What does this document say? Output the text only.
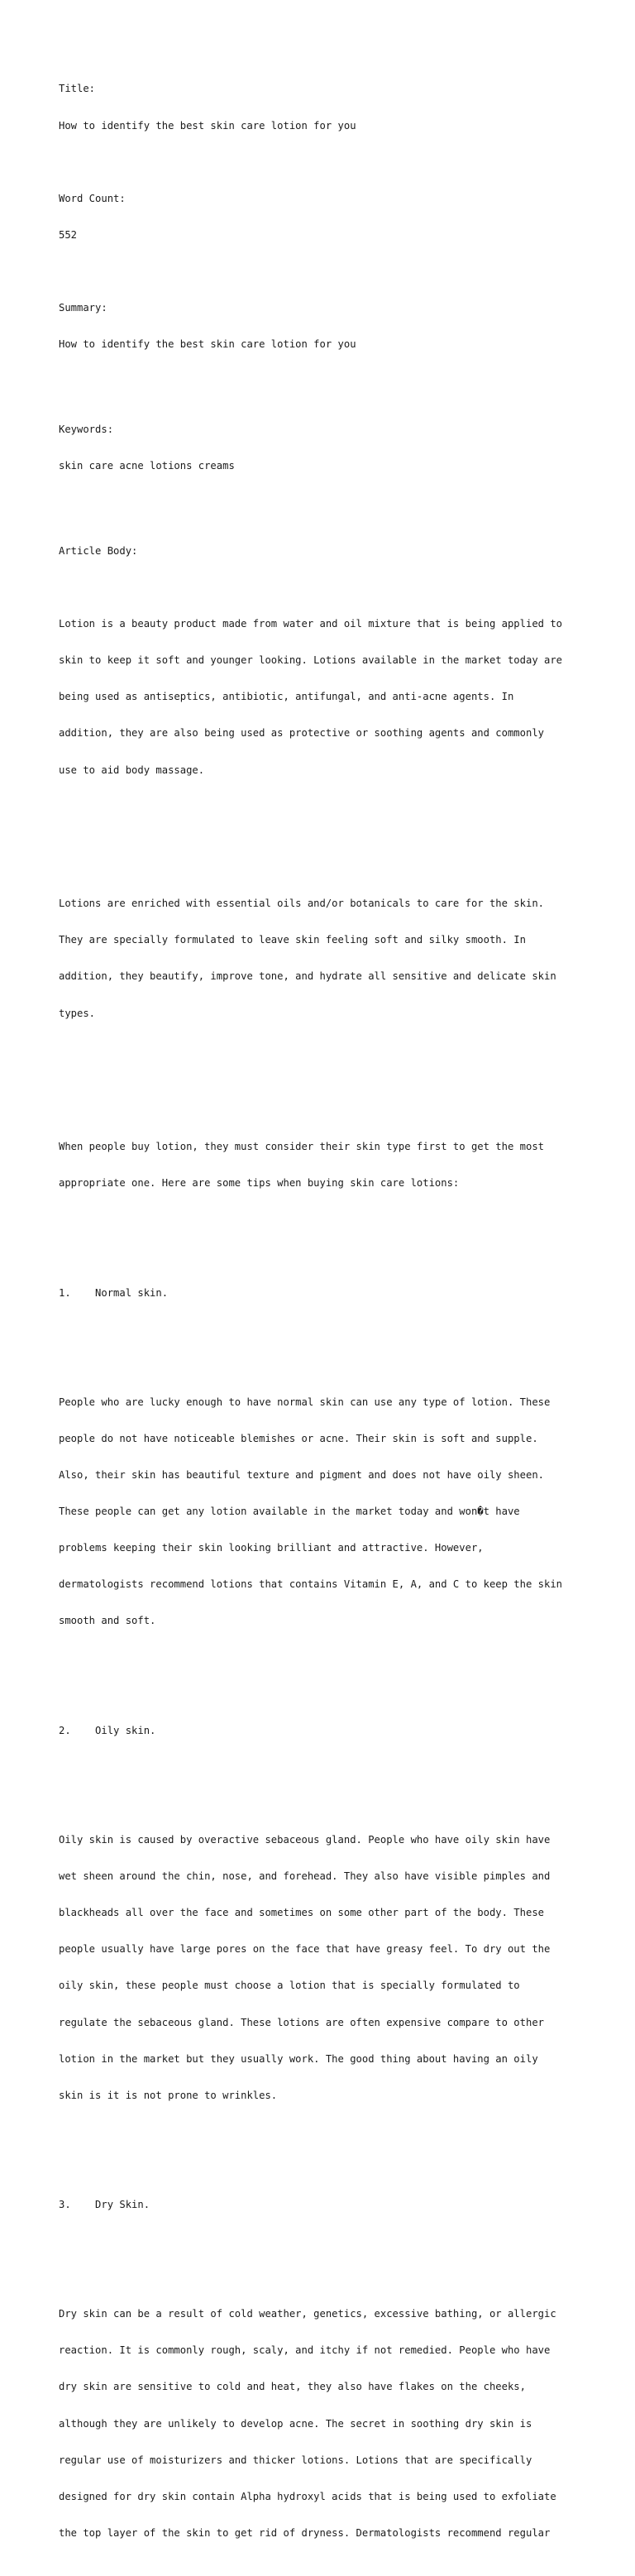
Title:

How to identify the best skin care lotion for you

Word Count:

552

Summary:

How to identify the best skin care lotion for you

Keywords:

skin care acne lotions creams

Article Body:

Lotion is a beauty product made from water and oil mixture that is being applied to

skin to keep it soft and younger looking. Lotions available in the market today are

being used as antiseptics, antibiotic, antifungal, and anti-acne agents. In

addition, they are also being used as protective or soothing agents and commonly

use to aid body massage.

Lotions are enriched with essential oils and/or botanicals to care for the skin.

They are specially formulated to leave skin feeling soft and silky smooth. In

addition, they beautify, improve tone, and hydrate all sensitive and delicate skin

types.

When people buy lotion, they must consider their skin type first to get the most

appropriate one. Here are some tips when buying skin care lotions:

1.    Normal skin.

People who are lucky enough to have normal skin can use any type of lotion. These

people do not have noticeable blemishes or acne. Their skin is soft and supple.

Also, their skin has beautiful texture and pigment and does not have oily sheen.

These people can get any lotion available in the market today and won�t have

problems keeping their skin looking brilliant and attractive. However,

dermatologists recommend lotions that contains Vitamin E, A, and C to keep the skin

smooth and soft.

2.    Oily skin.

Oily skin is caused by overactive sebaceous gland. People who have oily skin have

wet sheen around the chin, nose, and forehead. They also have visible pimples and

blackheads all over the face and sometimes on some other part of the body. These

people usually have large pores on the face that have greasy feel. To dry out the

oily skin, these people must choose a lotion that is specially formulated to

regulate the sebaceous gland. These lotions are often expensive compare to other

lotion in the market but they usually work. The good thing about having an oily

skin is it is not prone to wrinkles.

3.    Dry Skin.

Dry skin can be a result of cold weather, genetics, excessive bathing, or allergic

reaction. It is commonly rough, scaly, and itchy if not remedied. People who have

dry skin are sensitive to cold and heat, they also have flakes on the cheeks,

although they are unlikely to develop acne. The secret in soothing dry skin is

regular use of moisturizers and thicker lotions. Lotions that are specifically

designed for dry skin contain Alpha hydroxyl acids that is being used to exfoliate

the top layer of the skin to get rid of dryness. Dermatologists recommend regular
